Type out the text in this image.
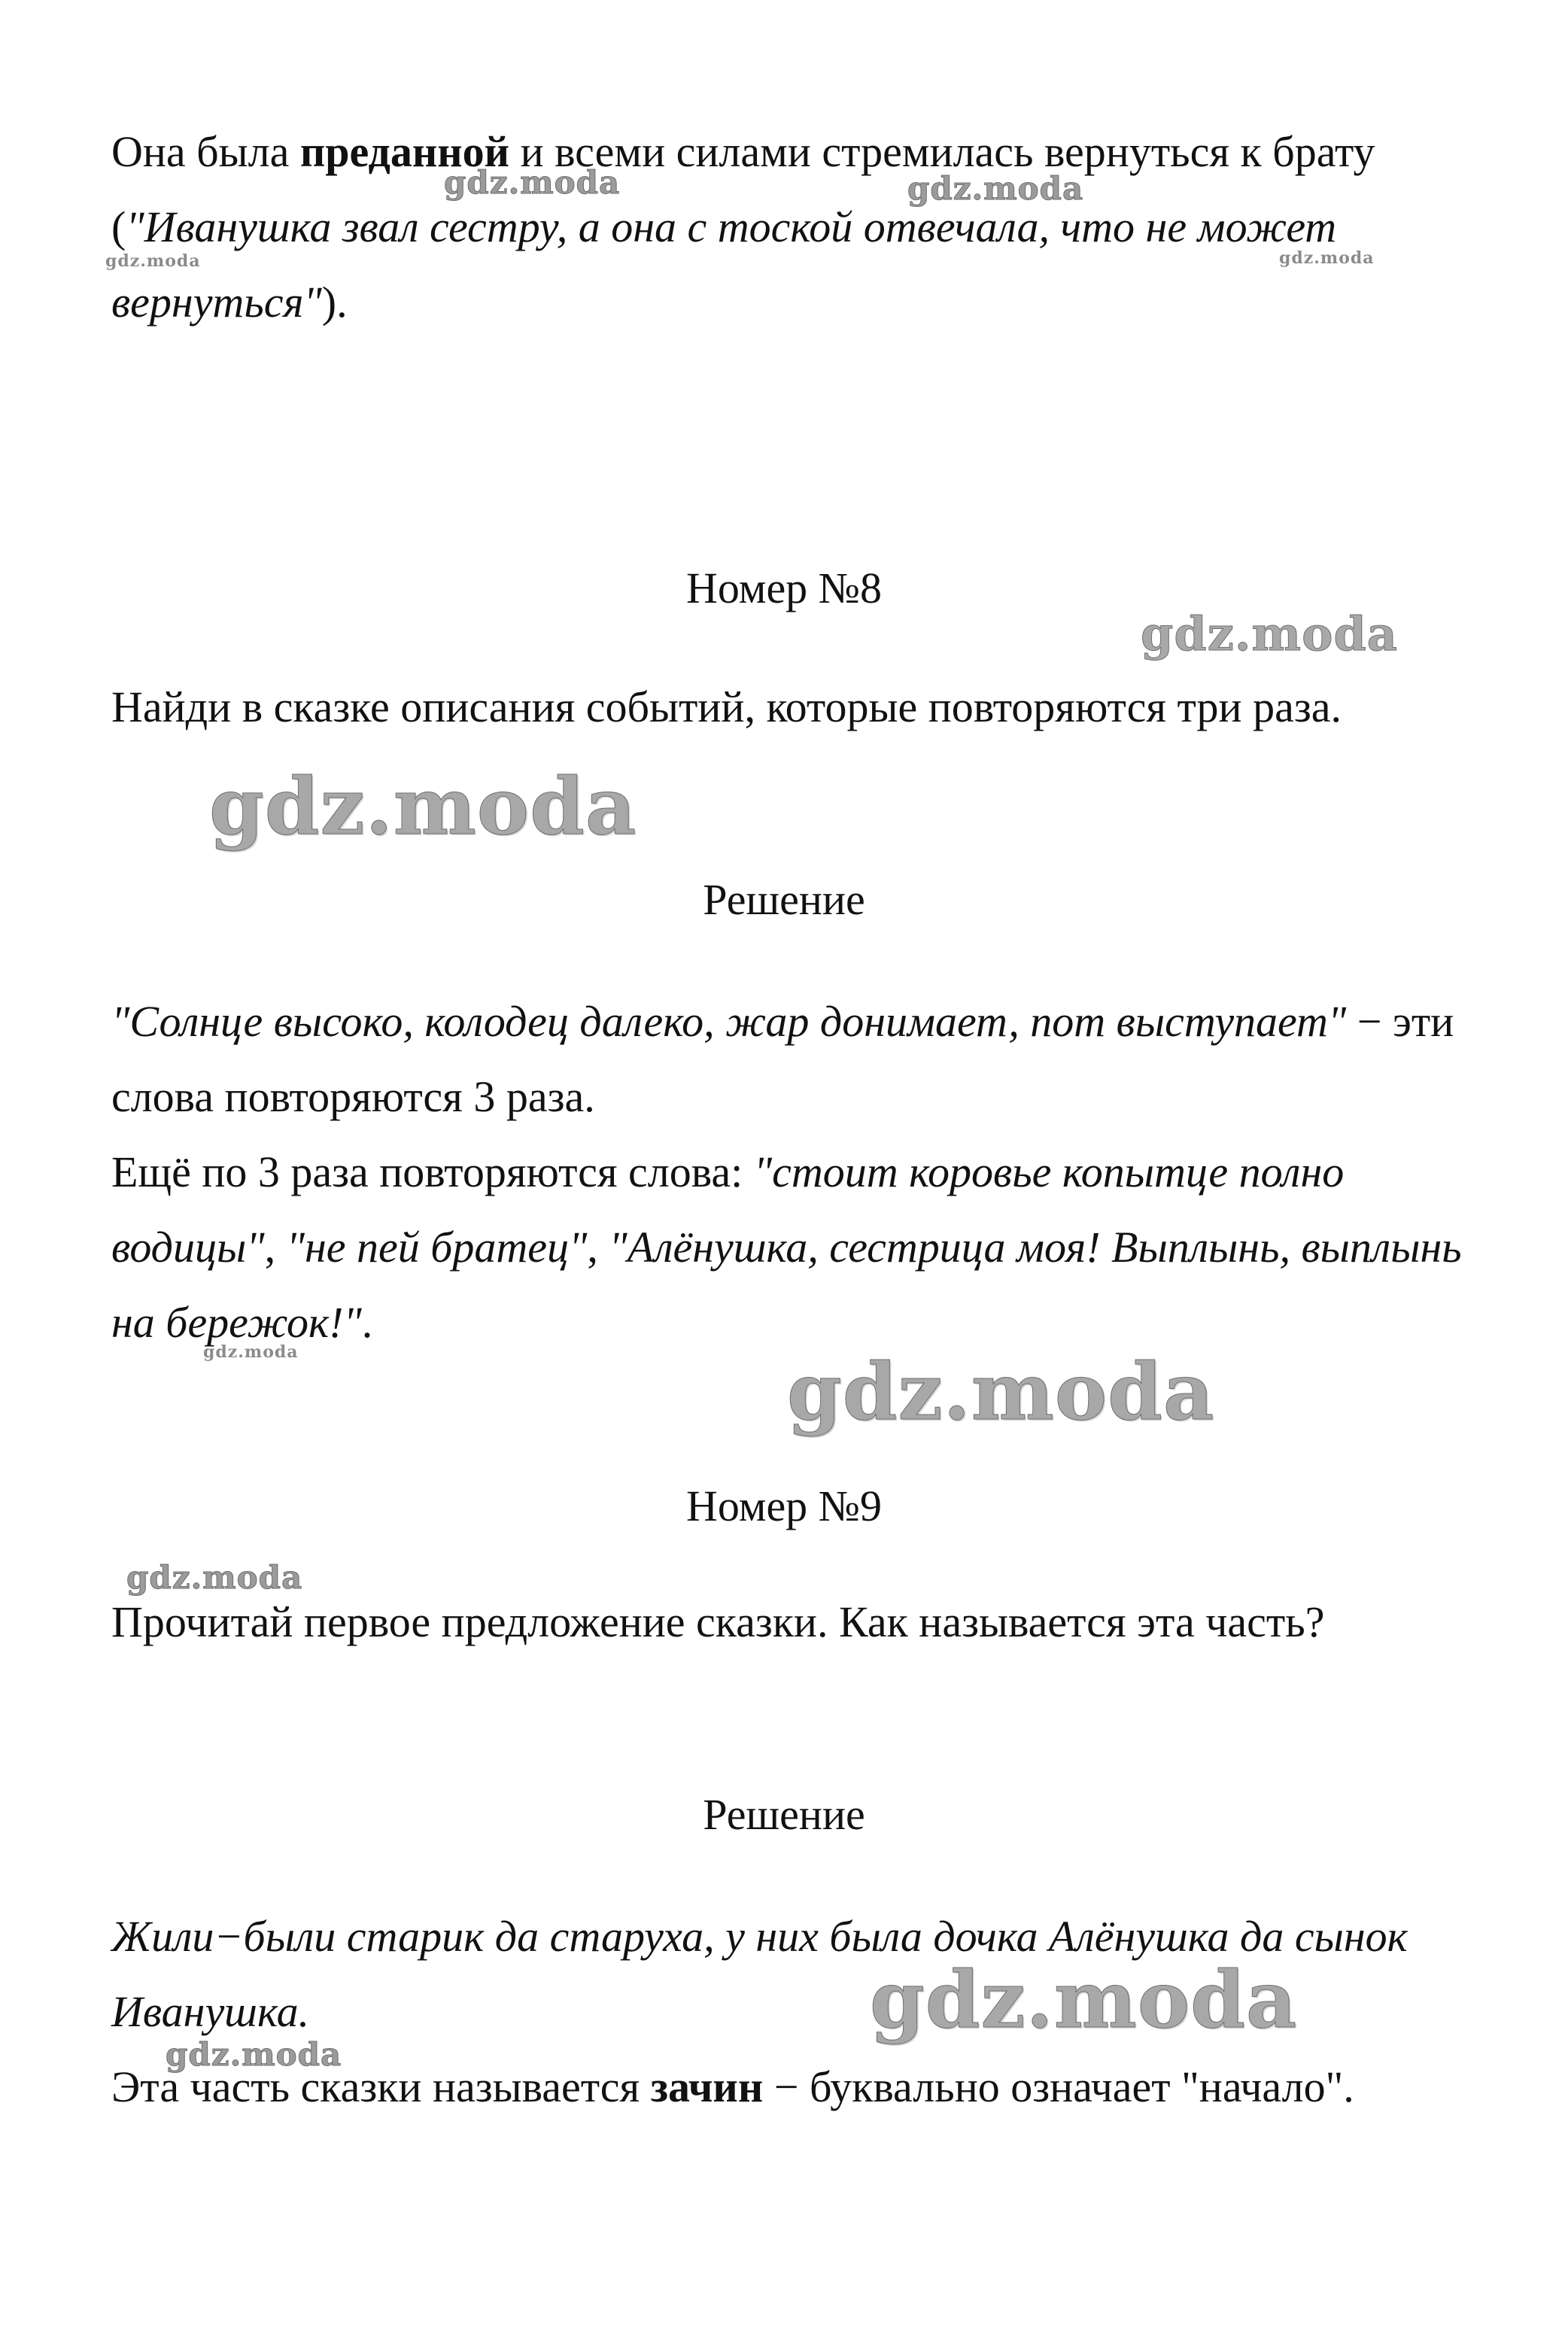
Она была преданной и всеми силами стремилась вернуться к брату ("Иванушка звал сестру, а она с тоской отвечала, что не может вернуться").

Номер №8

Найди в сказке описания событий, которые повторяются три раза.

Решение

"Солнце высоко, колодец далеко, жар донимает, пот выступает" − эти слова повторяются 3 раза.
Ещё по 3 раза повторяются слова: "стоит коровье копытце полно водицы", "не пей братец", "Алёнушка, сестрица моя! Выплынь, выплынь на бережок!".

Номер №9

Прочитай первое предложение сказки. Как называется эта часть?

Решение

Жили−были старик да старуха, у них была дочка Алёнушка да сынок Иванушка.
Эта часть сказки называется зачин − буквально означает "начало".
gdz.moda	gdz.moda
gdz.moda	gdz.moda
gdz.moda
gdz.moda
gdz.moda	gdz.moda
gdz.moda
gdz.moda
gdz.moda
